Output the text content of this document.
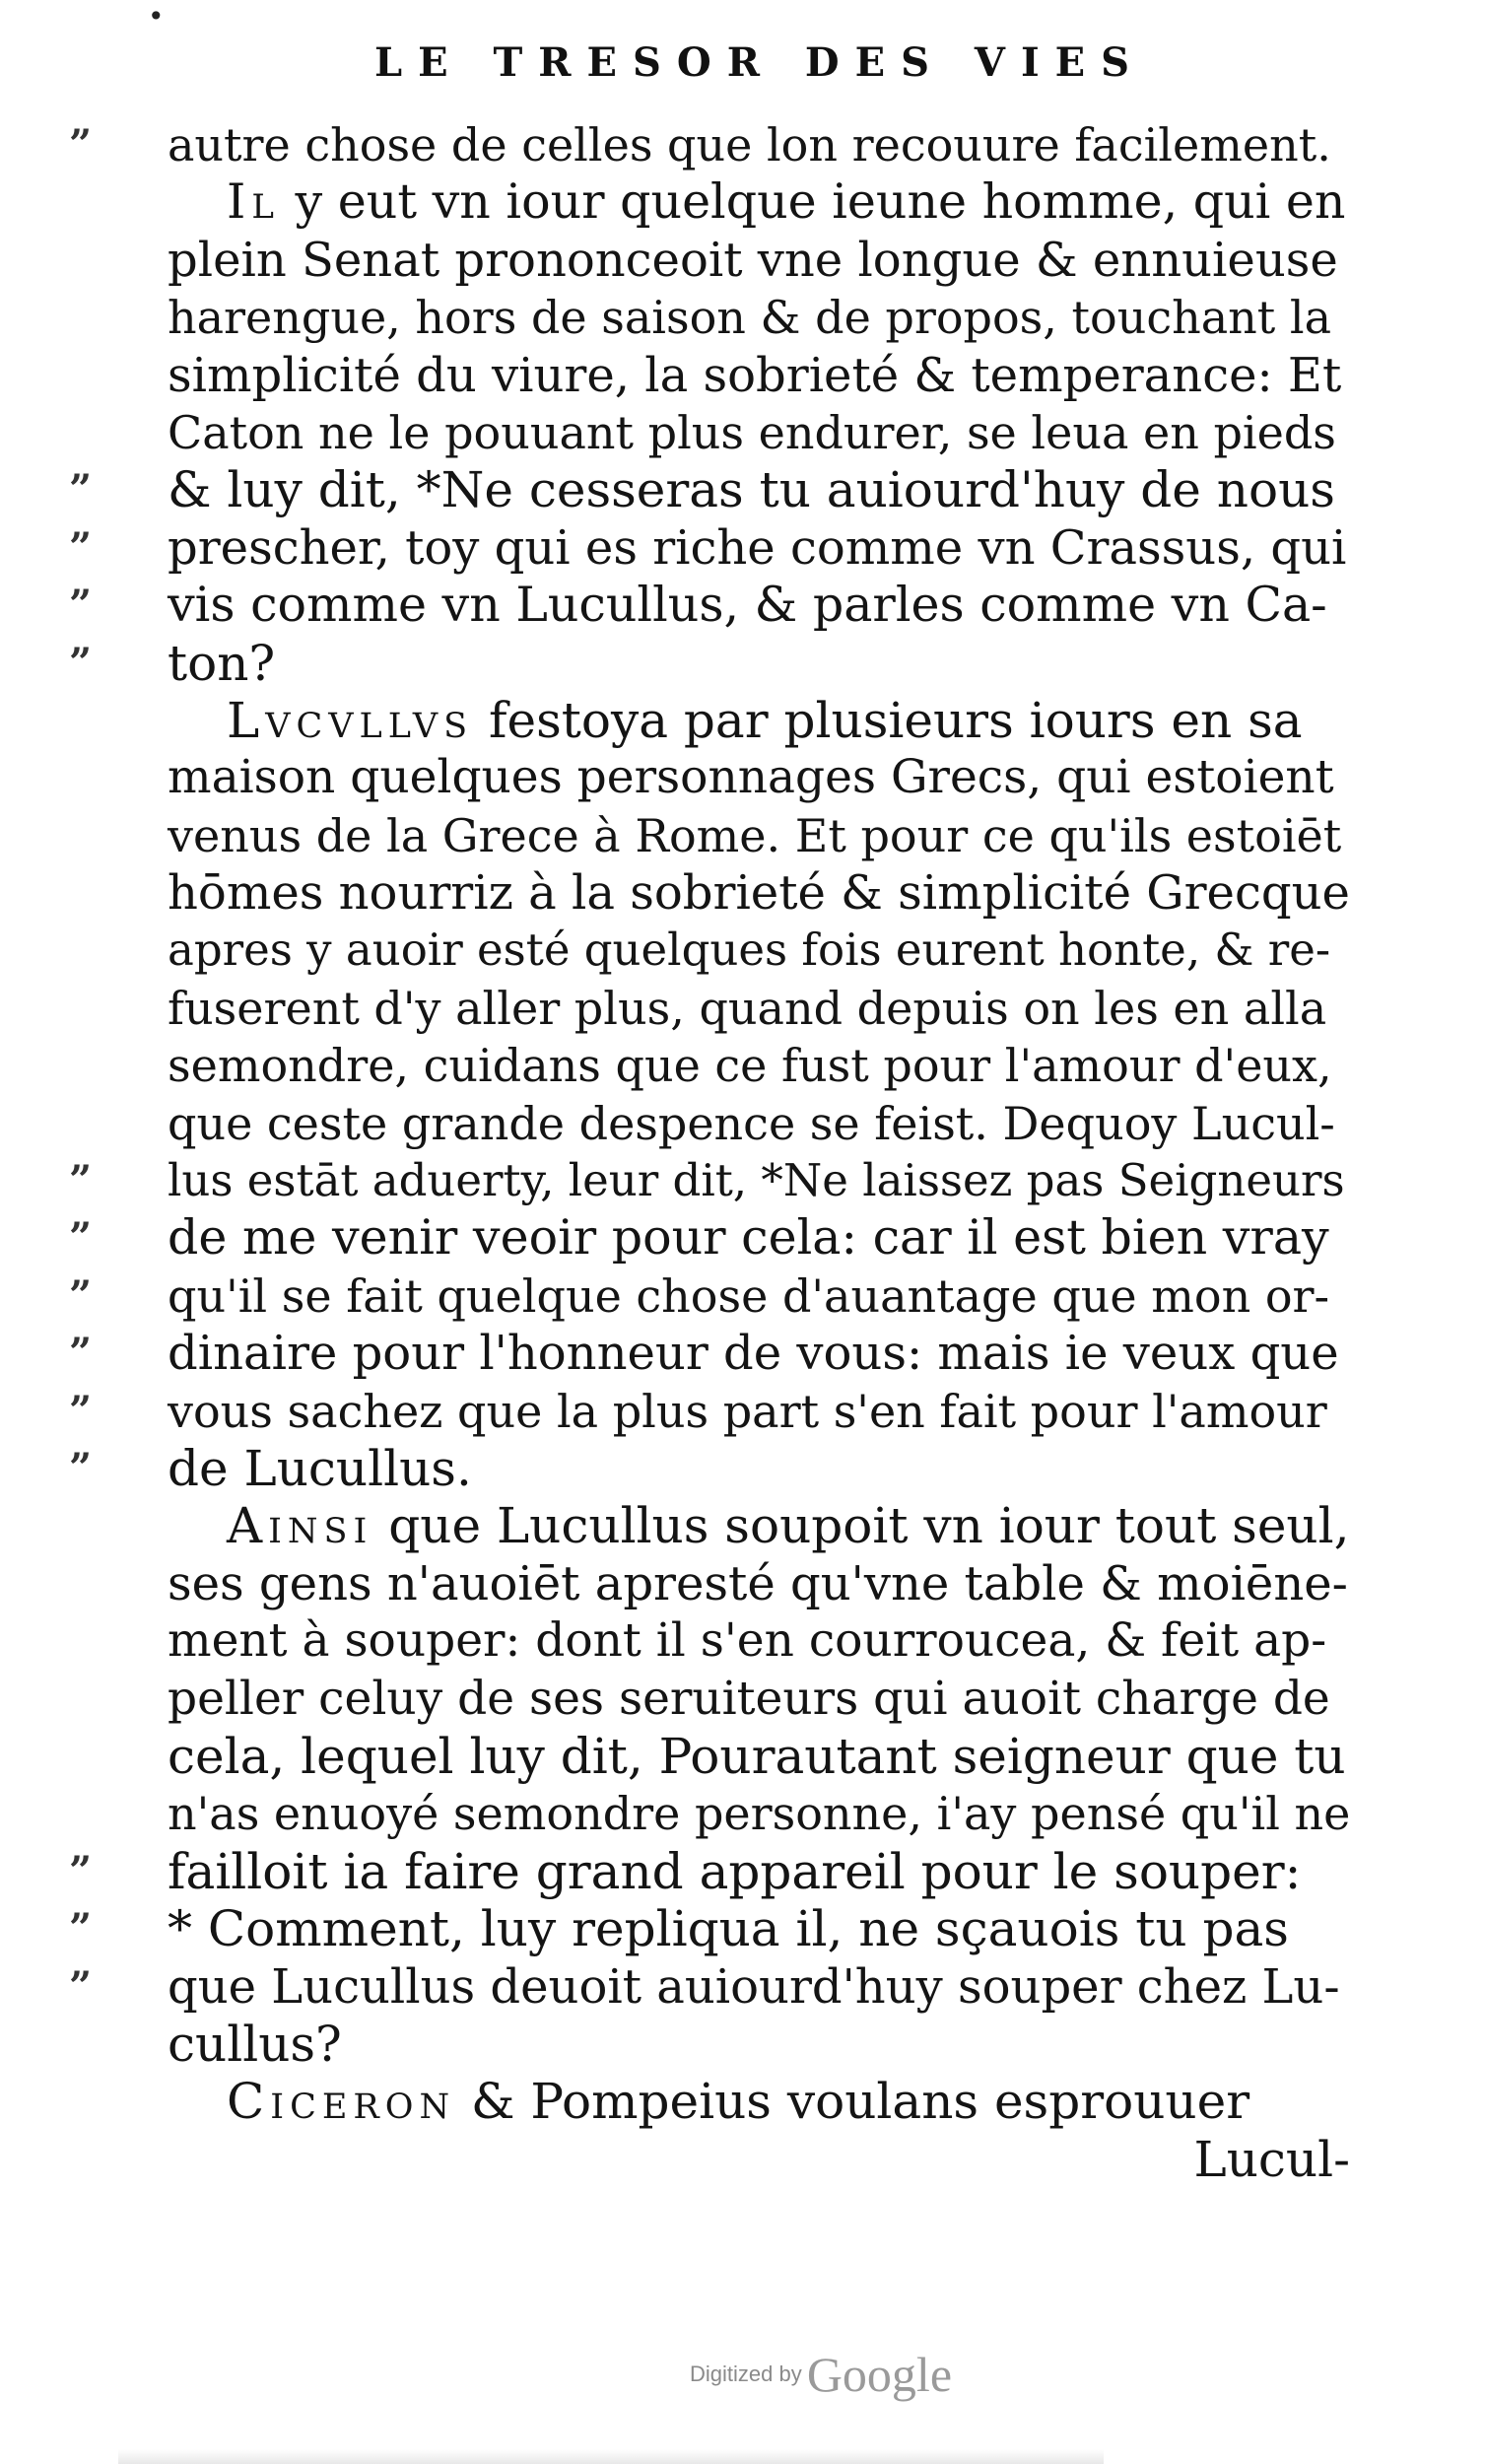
•
LE TRESOR DES VIES
”	autre chose de celles que lon recouure facilement.
Il y eut vn iour quelque ieune homme, qui en
plein Senat prononceoit vne longue & ennuieuse
harengue, hors de saison & de propos, touchant la
simplicité du viure, la sobrieté & temperance: Et
Caton ne le pouuant plus endurer, se leua en pieds
”	& luy dit, *Ne cesseras tu auiourd'huy de nous
”	prescher, toy qui es riche comme vn Crassus, qui
”	vis comme vn Lucullus, & parles comme vn Ca-
”	ton?
Lvcvllvs festoya par plusieurs iours en sa
maison quelques personnages Grecs, qui estoient
venus de la Grece à Rome. Et pour ce qu'ils estoiēt
hōmes nourriz à la sobrieté & simplicité Grecque
apres y auoir esté quelques fois eurent honte, & re-
fuserent d'y aller plus, quand depuis on les en alla
semondre, cuidans que ce fust pour l'amour d'eux,
que ceste grande despence se feist. Dequoy Lucul-
”	lus estāt aduerty, leur dit, *Ne laissez pas Seigneurs
”	de me venir veoir pour cela: car il est bien vray
”	qu'il se fait quelque chose d'auantage que mon or-
”	dinaire pour l'honneur de vous: mais ie veux que
”	vous sachez que la plus part s'en fait pour l'amour
”	de Lucullus.
Ainsi que Lucullus soupoit vn iour tout seul,
ses gens n'auoiēt apresté qu'vne table & moiēne-
ment à souper: dont il s'en courroucea, & feit ap-
peller celuy de ses seruiteurs qui auoit charge de
cela, lequel luy dit, Pourautant seigneur que tu
n'as enuoyé semondre personne, i'ay pensé qu'il ne
”	failloit ia faire grand appareil pour le souper:
”	* Comment, luy repliqua il, ne sçauois tu pas
”	que Lucullus deuoit auiourd'huy souper chez Lu-
cullus?
Ciceron & Pompeius voulans esprouuer
Lucul-
Digitized by Google
